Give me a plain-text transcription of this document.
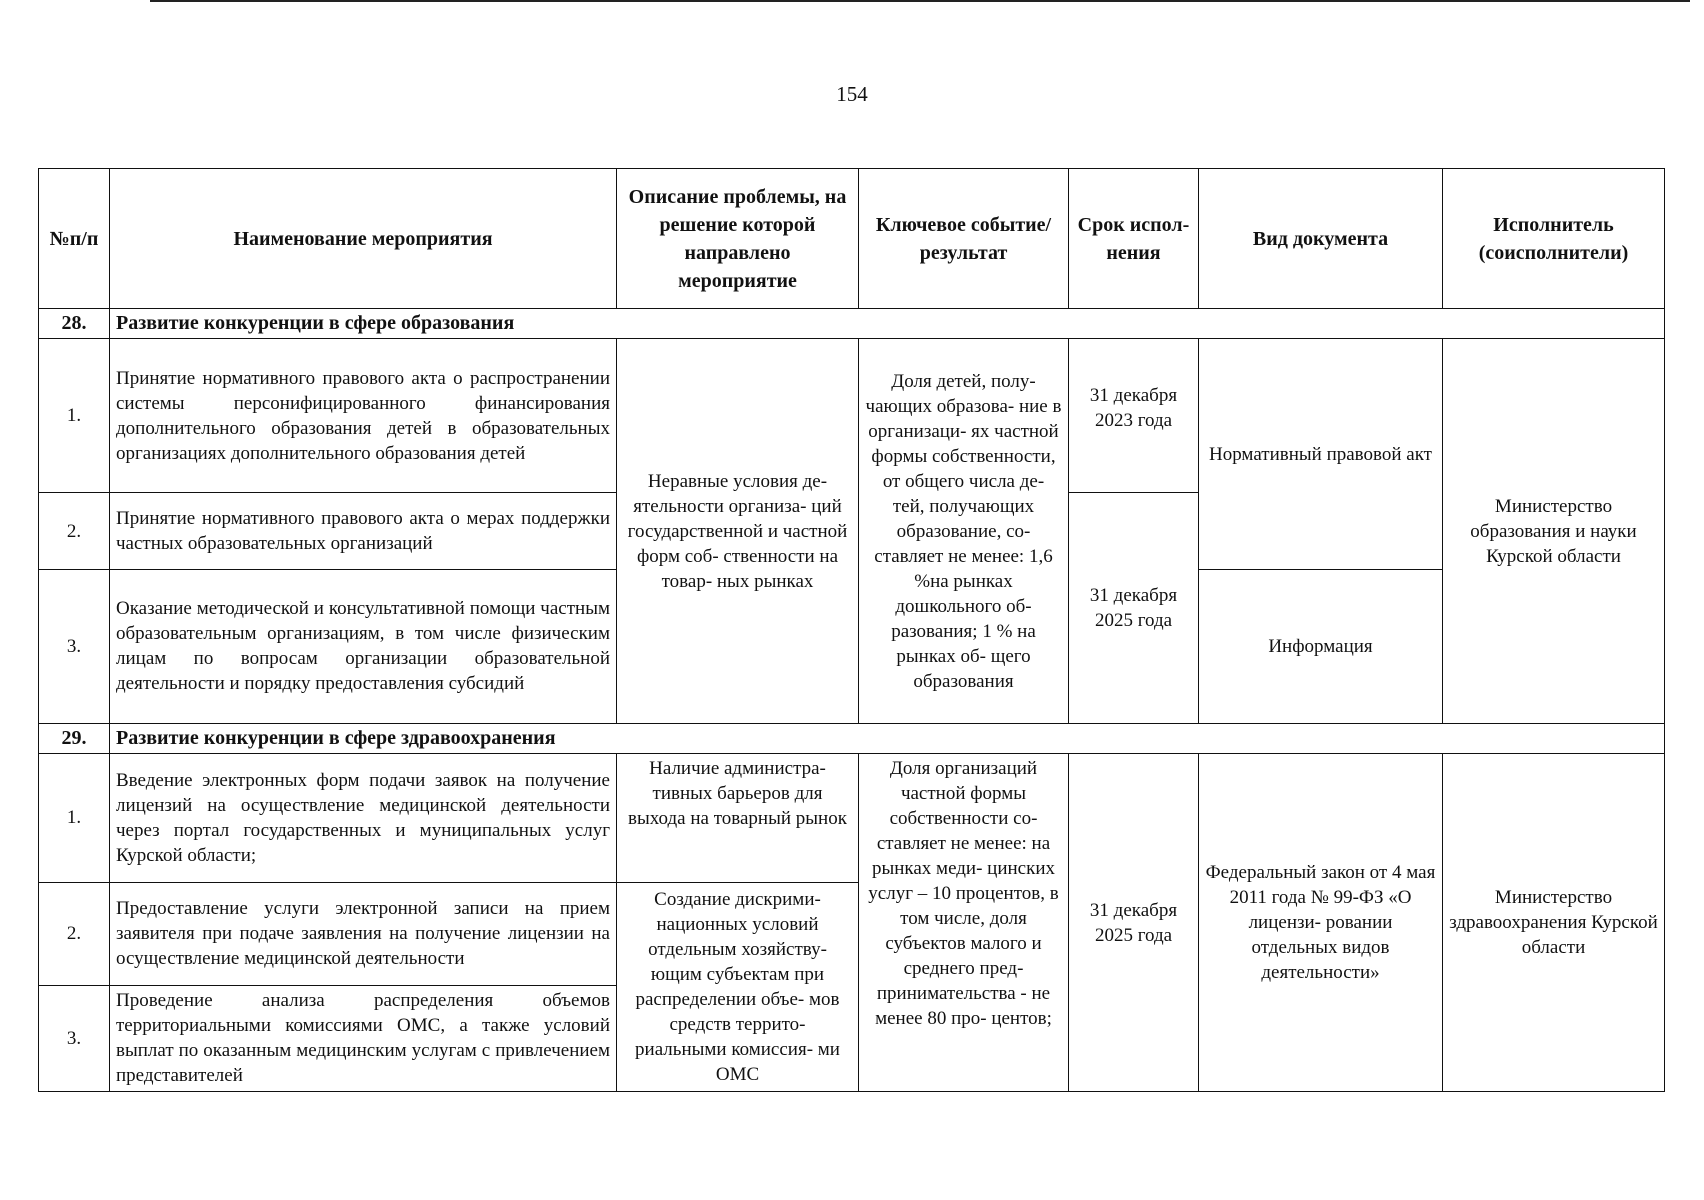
154
№п/п	Наименование мероприятия	Описание проблемы, на решение которой направлено мероприятие	Ключевое событие/ результат	Срок испол- нения	Вид документа	Исполнитель (соисполнители)
28.	Развитие конкуренции в сфере образования					
1.	Принятие нормативного правового акта о распространении системы персонифицированного финансирования дополнительного образования детей в образовательных организациях дополнительного образования детей	Неравные условия де- ятельности организа- ций государственной и частной форм соб- ственности на товар- ных рынках	Доля детей, полу- чающих образова- ние в организаци- ях частной формы собственности, от общего числа де- тей, получающих образование, со- ставляет не менее: 1,6 %на рынках дошкольного об- разования; 1 % на рынках об- щего образования	31 декабря 2023 года	Нормативный правовой акт	Министерство образования и науки Курской области
2.	Принятие нормативного правового акта о мерах поддержки частных образовательных организаций			31 декабря 2025 года		
3.	Оказание методической и консультативной помощи частным образовательным организациям, в том числе физическим лицам по вопросам организации образовательной деятельности и порядку предоставления субсидий				Информация	
29.	Развитие конкуренции в сфере здравоохранения					
1.	Введение электронных форм подачи заявок на получение лицензий на осуществление медицинской деятельности через портал государственных и муниципальных услуг Курской области;	Наличие администра- тивных барьеров для выхода на товарный рынок	Доля организаций частной формы собственности со- ставляет не менее: на рынках меди- цинских услуг – 10 процентов, в том числе, доля субъектов малого и среднего пред- принимательства - не менее 80 про- центов;	31 декабря 2025 года	Федеральный закон от 4 мая 2011 года № 99-ФЗ «О лицензи- ровании отдельных видов деятельности»	Министерство здравоохранения Курской области
2.	Предоставление услуги электронной записи на прием заявителя при подаче заявления на получение лицензии на осуществление медицинской деятельности	Создание дискрими- национных условий отдельным хозяйству- ющим субъектам при распределении объе- мов средств террито- риальными комиссия- ми ОМС				
3.	Проведение анализа распределения объемов территориальными комиссиями ОМС, а также условий выплат по оказанным медицинским услугам с привлечением представителей					
